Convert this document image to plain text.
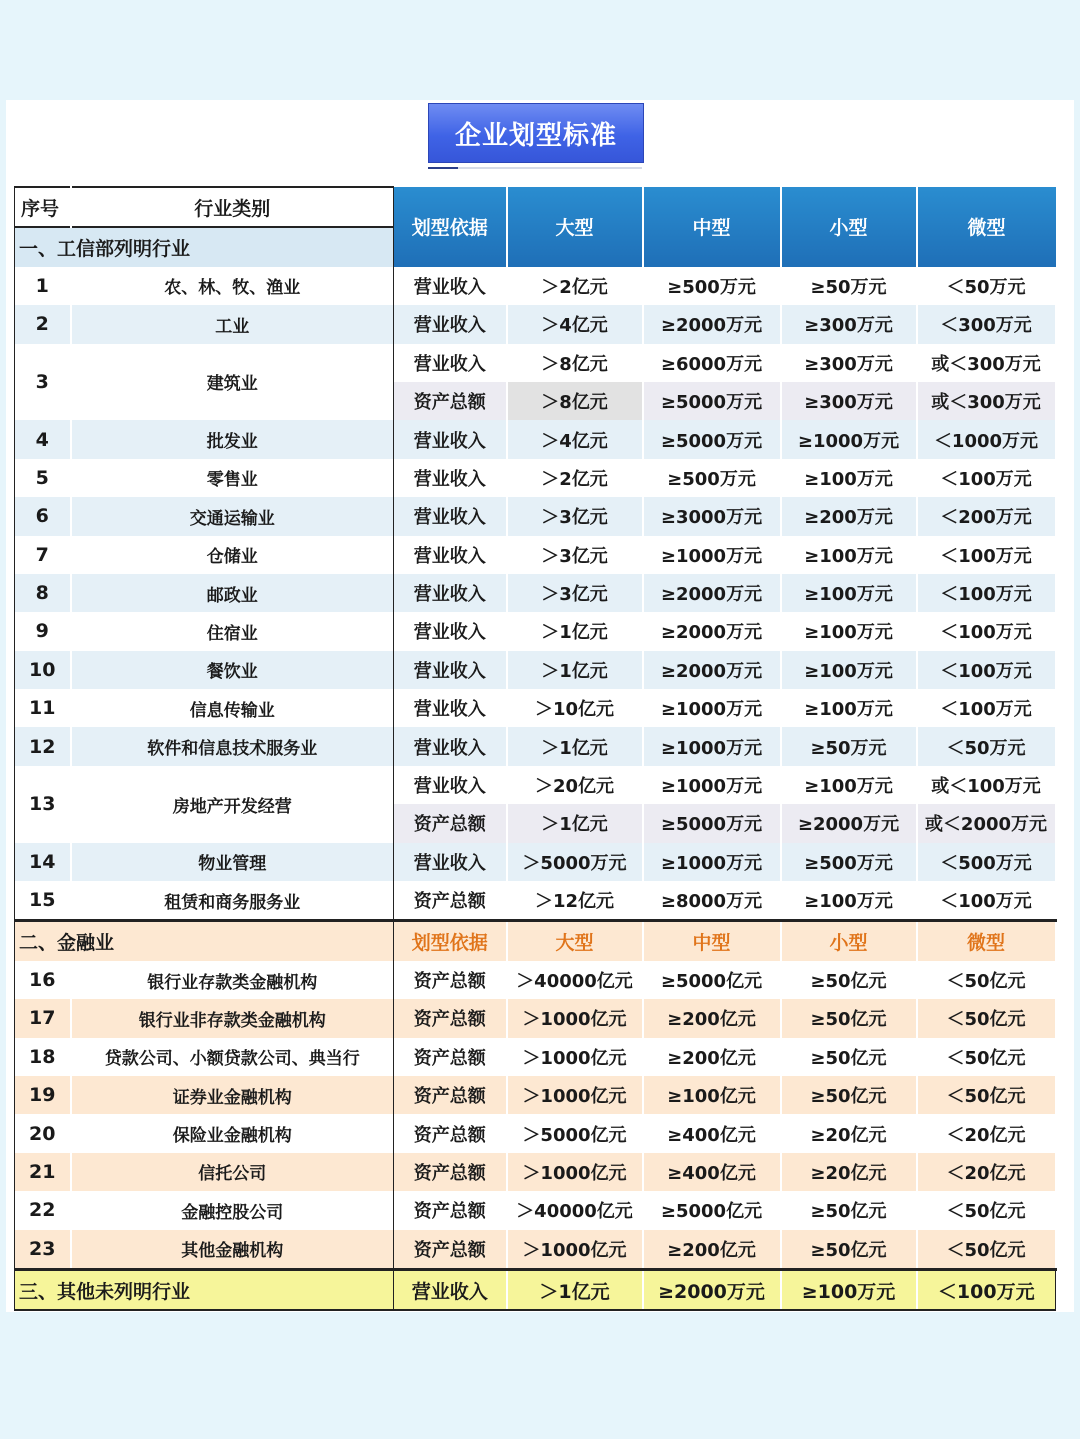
企业划型标准
序号	行业类别	划型依据	大型	中型	小型	微型
一、工信部列明行业						
1	农、林、牧、渔业	营业收入	＞2亿元	≥500万元	≥50万元	＜50万元
2	工业	营业收入	＞4亿元	≥2000万元	≥300万元	＜300万元
3	建筑业	营业收入	＞8亿元	≥6000万元	≥300万元	或＜300万元
		资产总额	＞8亿元	≥5000万元	≥300万元	或＜300万元
4	批发业	营业收入	＞4亿元	≥5000万元	≥1000万元	＜1000万元
5	零售业	营业收入	＞2亿元	≥500万元	≥100万元	＜100万元
6	交通运输业	营业收入	＞3亿元	≥3000万元	≥200万元	＜200万元
7	仓储业	营业收入	＞3亿元	≥1000万元	≥100万元	＜100万元
8	邮政业	营业收入	＞3亿元	≥2000万元	≥100万元	＜100万元
9	住宿业	营业收入	＞1亿元	≥2000万元	≥100万元	＜100万元
10	餐饮业	营业收入	＞1亿元	≥2000万元	≥100万元	＜100万元
11	信息传输业	营业收入	＞10亿元	≥1000万元	≥100万元	＜100万元
12	软件和信息技术服务业	营业收入	＞1亿元	≥1000万元	≥50万元	＜50万元
13	房地产开发经营	营业收入	＞20亿元	≥1000万元	≥100万元	或＜100万元
		资产总额	＞1亿元	≥5000万元	≥2000万元	或＜2000万元
14	物业管理	营业收入	＞5000万元	≥1000万元	≥500万元	＜500万元
15	租赁和商务服务业	资产总额	＞12亿元	≥8000万元	≥100万元	＜100万元
二、金融业		划型依据	大型	中型	小型	微型
16	银行业存款类金融机构	资产总额	＞40000亿元	≥5000亿元	≥50亿元	＜50亿元
17	银行业非存款类金融机构	资产总额	＞1000亿元	≥200亿元	≥50亿元	＜50亿元
18	贷款公司、小额贷款公司、典当行	资产总额	＞1000亿元	≥200亿元	≥50亿元	＜50亿元
19	证券业金融机构	资产总额	＞1000亿元	≥100亿元	≥50亿元	＜50亿元
20	保险业金融机构	资产总额	＞5000亿元	≥400亿元	≥20亿元	＜20亿元
21	信托公司	资产总额	＞1000亿元	≥400亿元	≥20亿元	＜20亿元
22	金融控股公司	资产总额	＞40000亿元	≥5000亿元	≥50亿元	＜50亿元
23	其他金融机构	资产总额	＞1000亿元	≥200亿元	≥50亿元	＜50亿元
三、其他未列明行业		营业收入	＞1亿元	≥2000万元	≥100万元	＜100万元
